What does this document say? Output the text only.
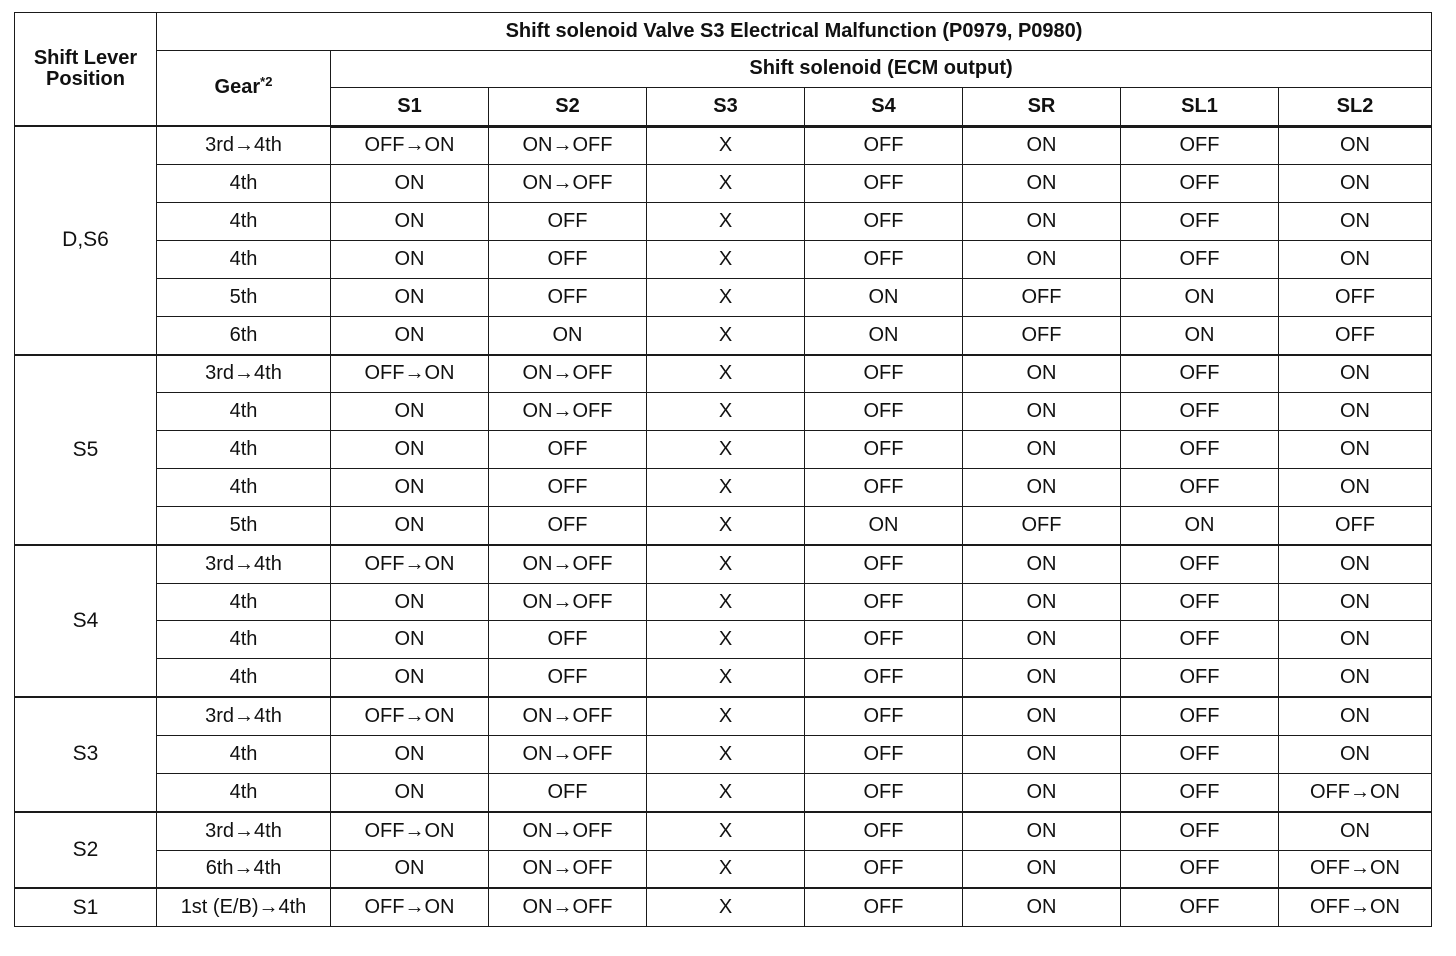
Shift Lever Position	Shift solenoid Valve S3 Electrical Malfunction (P0979, P0980)							
	Gear$^{*2}$	Shift solenoid (ECM output)						
		S1	S2	S3	S4	SR	SL1	SL2
D,S6	3rd→4th	OFF→ON	ON→OFF	X	OFF	ON	OFF	ON
	4th	ON	ON→OFF	X	OFF	ON	OFF	ON
	4th	ON	OFF	X	OFF	ON	OFF	ON
	4th	ON	OFF	X	OFF	ON	OFF	ON
	5th	ON	OFF	X	ON	OFF	ON	OFF
	6th	ON	ON	X	ON	OFF	ON	OFF
S5	3rd→4th	OFF→ON	ON→OFF	X	OFF	ON	OFF	ON
	4th	ON	ON→OFF	X	OFF	ON	OFF	ON
	4th	ON	OFF	X	OFF	ON	OFF	ON
	4th	ON	OFF	X	OFF	ON	OFF	ON
	5th	ON	OFF	X	ON	OFF	ON	OFF
S4	3rd→4th	OFF→ON	ON→OFF	X	OFF	ON	OFF	ON
	4th	ON	ON→OFF	X	OFF	ON	OFF	ON
	4th	ON	OFF	X	OFF	ON	OFF	ON
	4th	ON	OFF	X	OFF	ON	OFF	ON
S3	3rd→4th	OFF→ON	ON→OFF	X	OFF	ON	OFF	ON
	4th	ON	ON→OFF	X	OFF	ON	OFF	ON
	4th	ON	OFF	X	OFF	ON	OFF	OFF→ON
S2	3rd→4th	OFF→ON	ON→OFF	X	OFF	ON	OFF	ON
	6th→4th	ON	ON→OFF	X	OFF	ON	OFF	OFF→ON
S1	1st (E/B)→4th	OFF→ON	ON→OFF	X	OFF	ON	OFF	OFF→ON
